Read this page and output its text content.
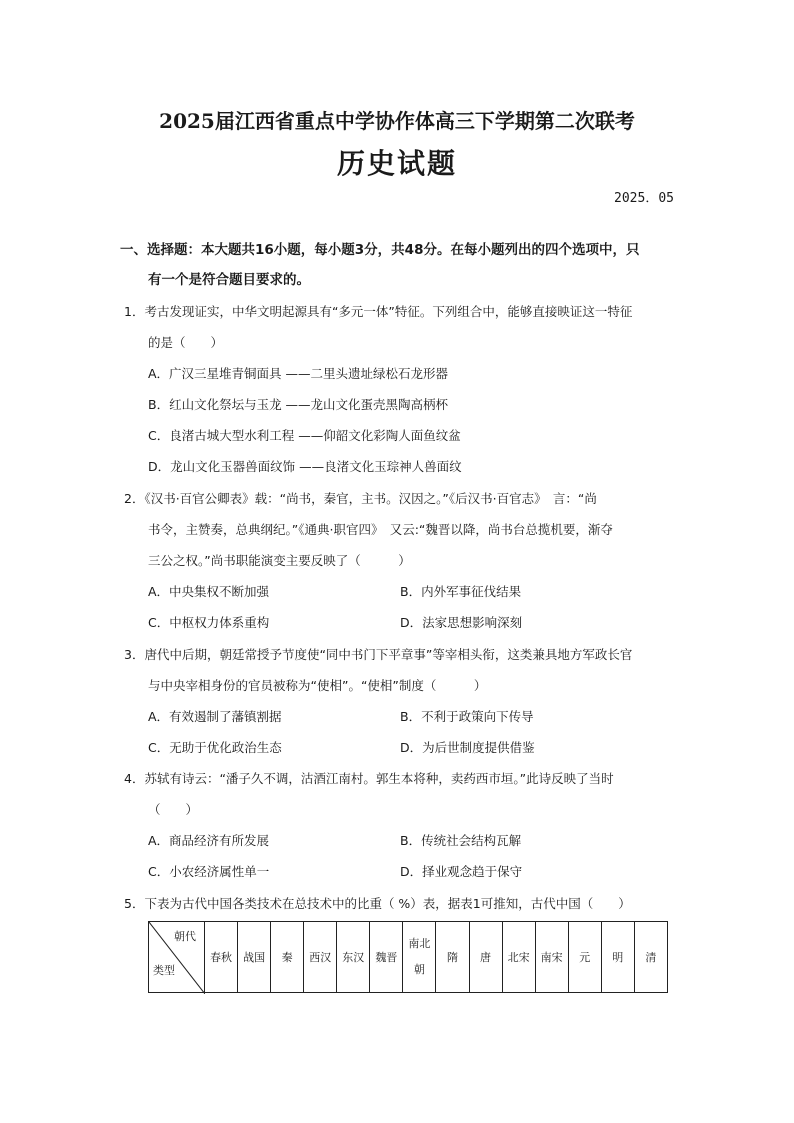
2025届江西省重点中学协作体高三下学期第二次联考
历史试题
2025．05
一、选择题：本大题共16小题，每小题3分，共48分。在每小题列出的四个选项中，只
有一个是符合题目要求的。
1．考古发现证实，中华文明起源具有“多元一体”特征。下列组合中，能够直接映证这一特征
的是（　　）
A．广汉三星堆青铜面具 ——二里头遗址绿松石龙形器
B．红山文化祭坛与玉龙 ——龙山文化蛋壳黑陶高柄杯
C．良渚古城大型水利工程 ——仰韶文化彩陶人面鱼纹盆
D．龙山文化玉器兽面纹饰 ——良渚文化玉琮神人兽面纹
2．《汉书·百官公卿表》载：“尚书，秦官，主书。汉因之。”《后汉书·百官志》　言：“尚
书令，主赞奏，总典纲纪。”《通典·职官四》　又云:“魏晋以降，尚书台总揽机要，渐夺
三公之权。”尚书职能演变主要反映了（　　　）
A．中央集权不断加强	B．内外军事征伐结果
C．中枢权力体系重构	D．法家思想影响深刻
3．唐代中后期，朝廷常授予节度使“同中书门下平章事”等宰相头衔，这类兼具地方军政长官
与中央宰相身份的官员被称为“使相”。“使相”制度（　　　）
A．有效遏制了藩镇割据	B．不利于政策向下传导
C．无助于优化政治生态	D．为后世制度提供借鉴
4．苏轼有诗云：“潘子久不调，沽酒江南村。郭生本将种，卖药西市垣。”此诗反映了当时
（　　）
A．商品经济有所发展	B．传统社会结构瓦解
C．小农经济属性单一	D．择业观念趋于保守
5．下表为古代中国各类技术在总技术中的比重（ %）表，据表1可推知，古代中国（　　）
朝代
类型
	春秋	战国	秦	西汉	东汉	魏晋	南北朝	隋	唐	北宋	南宋	元	明	清
